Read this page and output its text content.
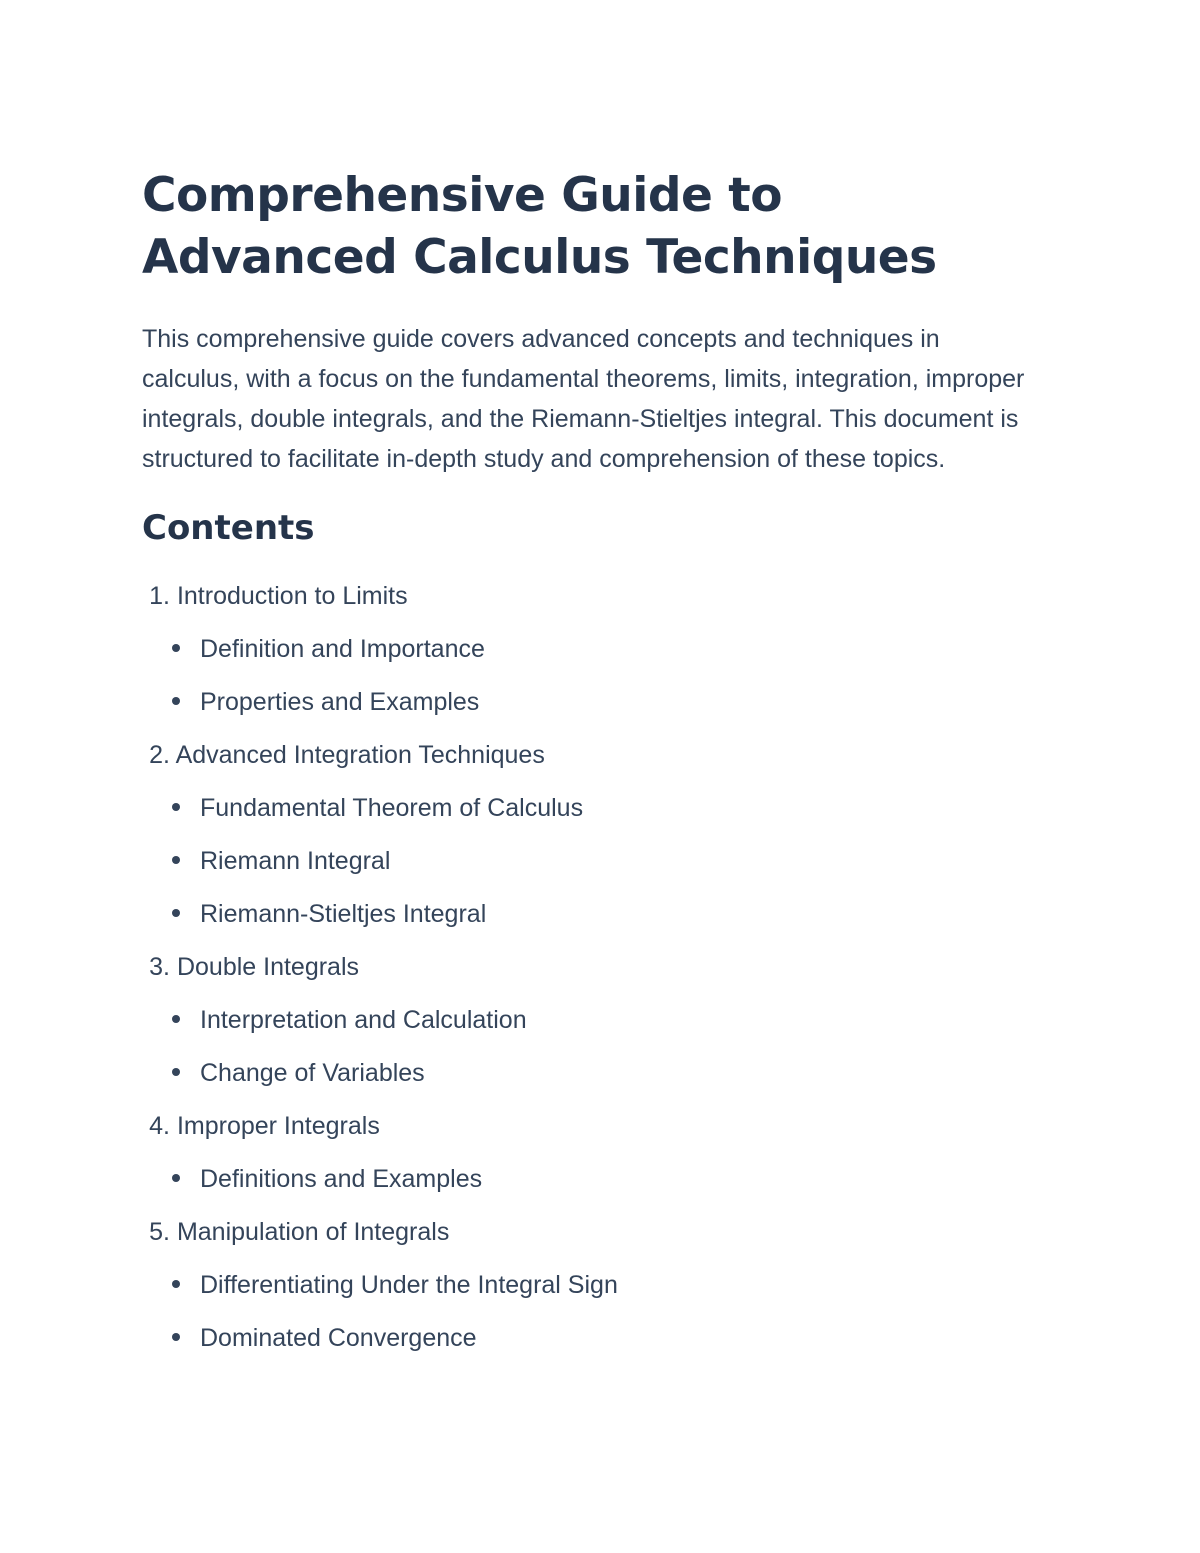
Comprehensive Guide to Advanced Calculus Techniques

This comprehensive guide covers advanced concepts and techniques in calculus, with a focus on the fundamental theorems, limits, integration, improper integrals, double integrals, and the Riemann-Stieltjes integral. This document is structured to facilitate in-depth study and comprehension of these topics.

Contents
1. Introduction to Limits
Definition and Importance
Properties and Examples
2. Advanced Integration Techniques
Fundamental Theorem of Calculus
Riemann Integral
Riemann-Stieltjes Integral
3. Double Integrals
Interpretation and Calculation
Change of Variables
4. Improper Integrals
Definitions and Examples
5. Manipulation of Integrals
Differentiating Under the Integral Sign
Dominated Convergence
